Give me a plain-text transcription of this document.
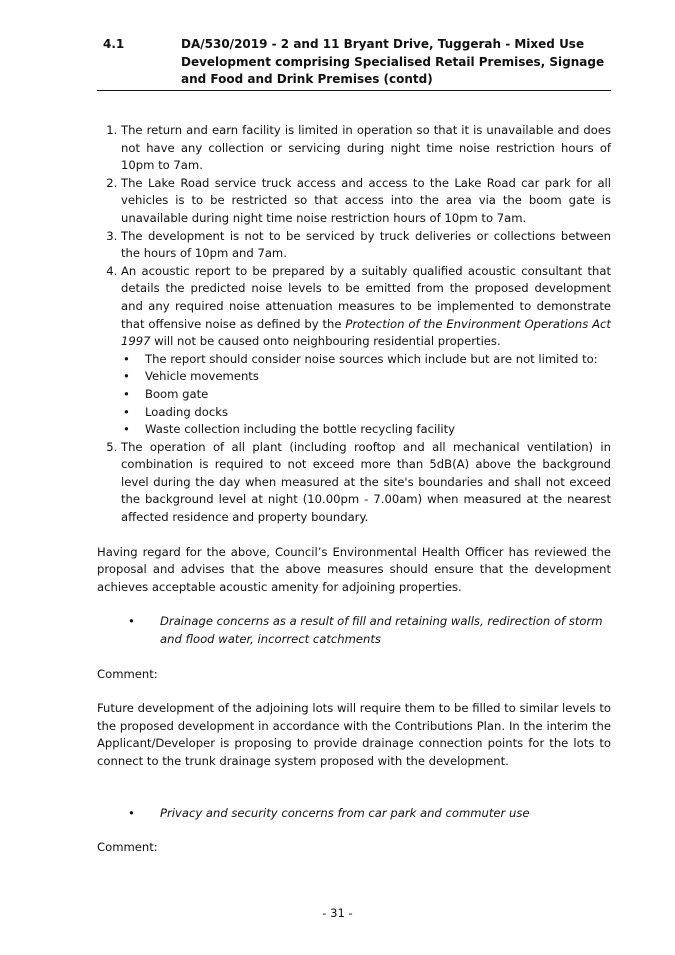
4.1	DA/530/2019 - 2 and 11 Bryant Drive, Tuggerah - Mixed Use Development comprising Specialised Retail Premises, Signage and Food and Drink Premises (contd)
1. The return and earn facility is limited in operation so that it is unavailable and does not have any collection or servicing during night time noise restriction hours of 10pm to 7am.
2. The Lake Road service truck access and access to the Lake Road car park for all vehicles is to be restricted so that access into the area via the boom gate is unavailable during night time noise restriction hours of 10pm to 7am.
3. The development is not to be serviced by truck deliveries or collections between the hours of 10pm and 7am.
4. An acoustic report to be prepared by a suitably qualified acoustic consultant that details the predicted noise levels to be emitted from the proposed development and any required noise attenuation measures to be implemented to demonstrate that offensive noise as defined by the Protection of the Environment Operations Act 1997 will not be caused onto neighbouring residential properties.
• The report should consider noise sources which include but are not limited to:
• Vehicle movements
• Boom gate
• Loading docks
• Waste collection including the bottle recycling facility
5. The operation of all plant (including rooftop and all mechanical ventilation) in combination is required to not exceed more than 5dB(A) above the background level during the day when measured at the site's boundaries and shall not exceed the background level at night (10.00pm - 7.00am) when measured at the nearest affected residence and property boundary.

Having regard for the above, Council’s Environmental Health Officer has reviewed the proposal and advises that the above measures should ensure that the development achieves acceptable acoustic amenity for adjoining properties.

• Drainage concerns as a result of fill and retaining walls, redirection of storm and flood water, incorrect catchments

Comment:

Future development of the adjoining lots will require them to be filled to similar levels to the proposed development in accordance with the Contributions Plan. In the interim the Applicant/Developer is proposing to provide drainage connection points for the lots to connect to the trunk drainage system proposed with the development.

• Privacy and security concerns from car park and commuter use

Comment:

- 31 -
